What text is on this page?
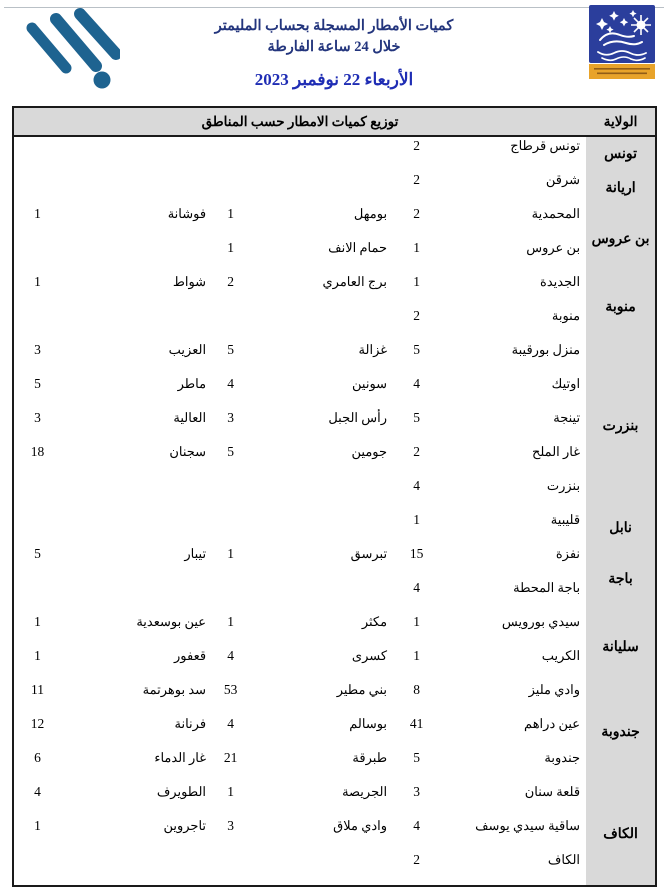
كميات الأمطار المسجلة بحساب المليمتر
خلال 24 ساعة الفارطة
الأربعاء 22 نوفمبر 2023
الولاية	توزيع كميات الامطار حسب المناطق					
تونس	تونس قرطاج	2				
اريانة	شرقن	2				
بن عروس	المحمدية	2	بومهل	1	فوشانة	1
	بن عروس	1	حمام الانف	1		
منوبة	الجديدة	1	برج العامري	2	شواط	1
	منوبة	2				
بنزرت	منزل بورقيبة	5	غزالة	5	العزيب	3
	اوتيك	4	سونين	4	ماطر	5
	تينجة	5	رأس الجبل	3	العالية	3
	غار الملح	2	جومين	5	سجنان	18
	بنزرت	4				
نابل	قليبية	1				
باجة	نفزة	15	تبرسق	1	تيبار	5
	باجة المحطة	4				
سليانة	سيدي بورويس	1	مكثر	1	عين بوسعدية	1
	الكريب	1	كسرى	4	قعفور	1
جندوبة	وادي مليز	8	بني مطير	53	سد بوهرتمة	11
	عين دراهم	41	بوسالم	4	فرنانة	12
	جندوبة	5	طبرقة	21	غار الدماء	6
الكاف	قلعة سنان	3	الجريصة	1	الطويرف	4
	ساقية سيدي يوسف	4	وادي ملاق	3	تاجروين	1
	الكاف	2				
